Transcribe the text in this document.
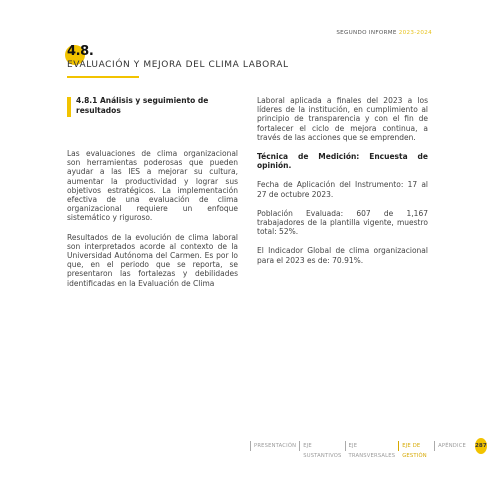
SEGUNDO INFORME 2023-2024
4.8.
EVALUACIÓN Y MEJORA DEL CLIMA LABORAL
4.8.1 Análisis y seguimiento de resultados

Las evaluaciones de clima organizacional son herramientas poderosas que pueden ayudar a las IES a mejorar su cultura, aumentar la productividad y lograr sus objetivos estratégicos. La implementación efectiva de una evaluación de clima organizacional requiere un enfoque sistemático y riguroso.

Resultados de la evolución de clima laboral son interpretados acorde al contexto de la Universidad Autónoma del Carmen. Es por lo que, en el periodo que se reporta, se presentaron las fortalezas y debilidades identificadas en la Evaluación de Clima

Laboral aplicada a finales del 2023 a los líderes de la institución, en cumplimiento al principio de transparencia y con el fin de fortalecer el ciclo de mejora continua, a través de las acciones que se emprenden.

Técnica de Medición: Encuesta de opinión.

Fecha de Aplicación del Instrumento: 17 al 27 de octubre 2023.

Población Evaluada: 607 de 1,167 trabajadores de la plantilla vigente, muestro total: 52%.

El Indicador Global de clima organizacional para el 2023 es de: 70.91%.

PRESENTACIÓN	EJE SUSTANTIVOS
EJE TRANSVERSALES
EJE DE GESTIÓN
APÉNDICE	287
